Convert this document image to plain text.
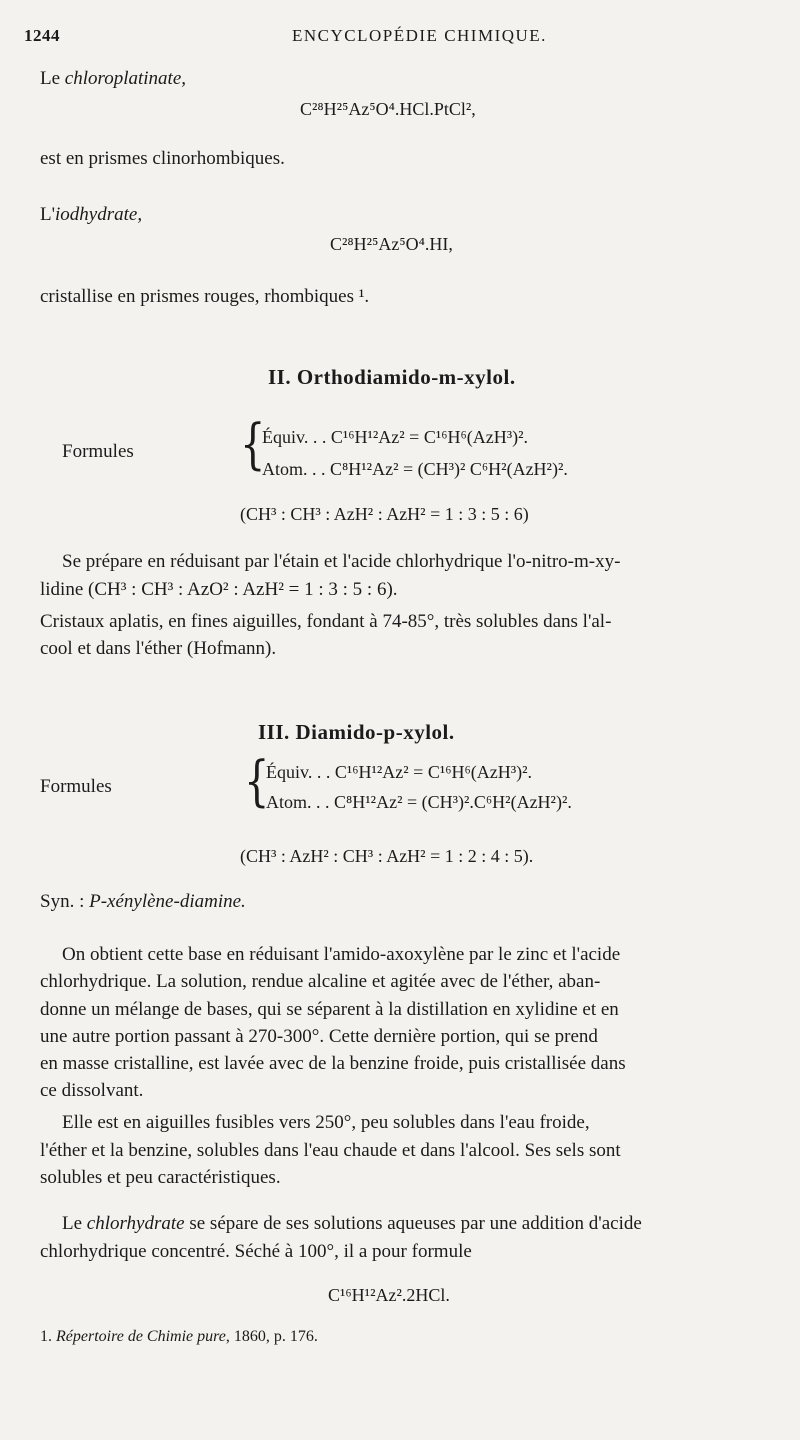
1244	ENCYCLOPÉDIE CHIMIQUE.
Le chloroplatinate,
C²⁸H²⁵Az⁵O⁴.HCl.PtCl²,
est en prismes clinorhombiques.
L'iodhydrate,
C²⁸H²⁵Az⁵O⁴.HI,
cristallise en prismes rouges, rhombiques ¹.
II. Orthodiamido-m-xylol.
Formules	{
Équiv. . . C¹⁶H¹²Az² = C¹⁶H⁶(AzH³)².
Atom. . . C⁸H¹²Az² = (CH³)² C⁶H²(AzH²)².
(CH³ : CH³ : AzH² : AzH² = 1 : 3 : 5 : 6)
Se prépare en réduisant par l'étain et l'acide chlorhydrique l'o-nitro-m-xy-
lidine (CH³ : CH³ : AzO² : AzH² = 1 : 3 : 5 : 6).
Cristaux aplatis, en fines aiguilles, fondant à 74-85°, très solubles dans l'al-
cool et dans l'éther (Hofmann).
III. Diamido-p-xylol.
Formules	{
Équiv. . . C¹⁶H¹²Az² = C¹⁶H⁶(AzH³)².
Atom. . . C⁸H¹²Az² = (CH³)².C⁶H²(AzH²)².
(CH³ : AzH² : CH³ : AzH² = 1 : 2 : 4 : 5).
Syn. : P-xénylène-diamine.
On obtient cette base en réduisant l'amido-axoxylène par le zinc et l'acide
chlorhydrique. La solution, rendue alcaline et agitée avec de l'éther, aban-
donne un mélange de bases, qui se séparent à la distillation en xylidine et en
une autre portion passant à 270-300°. Cette dernière portion, qui se prend
en masse cristalline, est lavée avec de la benzine froide, puis cristallisée dans
ce dissolvant.
Elle est en aiguilles fusibles vers 250°, peu solubles dans l'eau froide,
l'éther et la benzine, solubles dans l'eau chaude et dans l'alcool. Ses sels sont
solubles et peu caractéristiques.
Le chlorhydrate se sépare de ses solutions aqueuses par une addition d'acide
chlorhydrique concentré. Séché à 100°, il a pour formule
C¹⁶H¹²Az².2HCl.
1. Répertoire de Chimie pure, 1860, p. 176.
